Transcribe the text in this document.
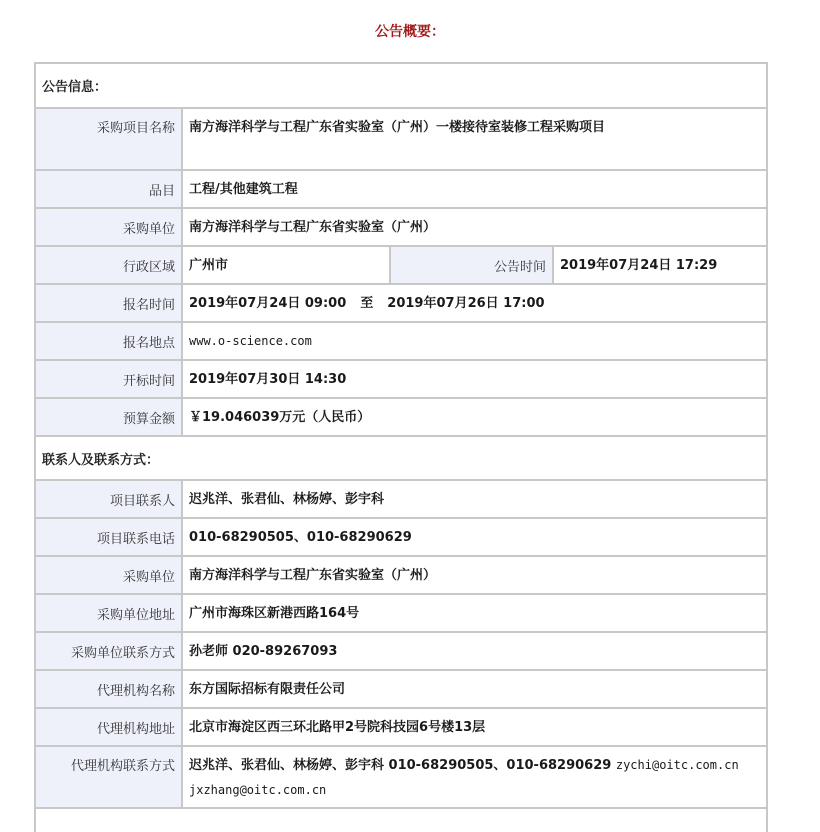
公告概要：
公告信息：			
采购项目名称	南方海洋科学与工程广东省实验室（广州）一楼接待室装修工程采购项目		
品目	工程/其他建筑工程		
采购单位	南方海洋科学与工程广东省实验室（广州）		
行政区域	广州市	公告时间	2019年07月24日 17:29
报名时间	2019年07月24日 09:00 至 2019年07月26日 17:00		
报名地点	www.o-science.com		
开标时间	2019年07月30日 14:30		
预算金额	￥19.046039万元（人民币）		
联系人及联系方式：			
项目联系人	迟兆洋、张君仙、林杨婷、彭宇科		
项目联系电话	010-68290505、010-68290629		
采购单位	南方海洋科学与工程广东省实验室（广州）		
采购单位地址	广州市海珠区新港西路164号		
采购单位联系方式	孙老师 020-89267093		
代理机构名称	东方国际招标有限责任公司		
代理机构地址	北京市海淀区西三环北路甲2号院科技园6号楼13层		
代理机构联系方式	迟兆洋、张君仙、林杨婷、彭宇科 010-68290505、010-68290629 zychi@oitc.com.cn jxzhang@oitc.com.cn		
